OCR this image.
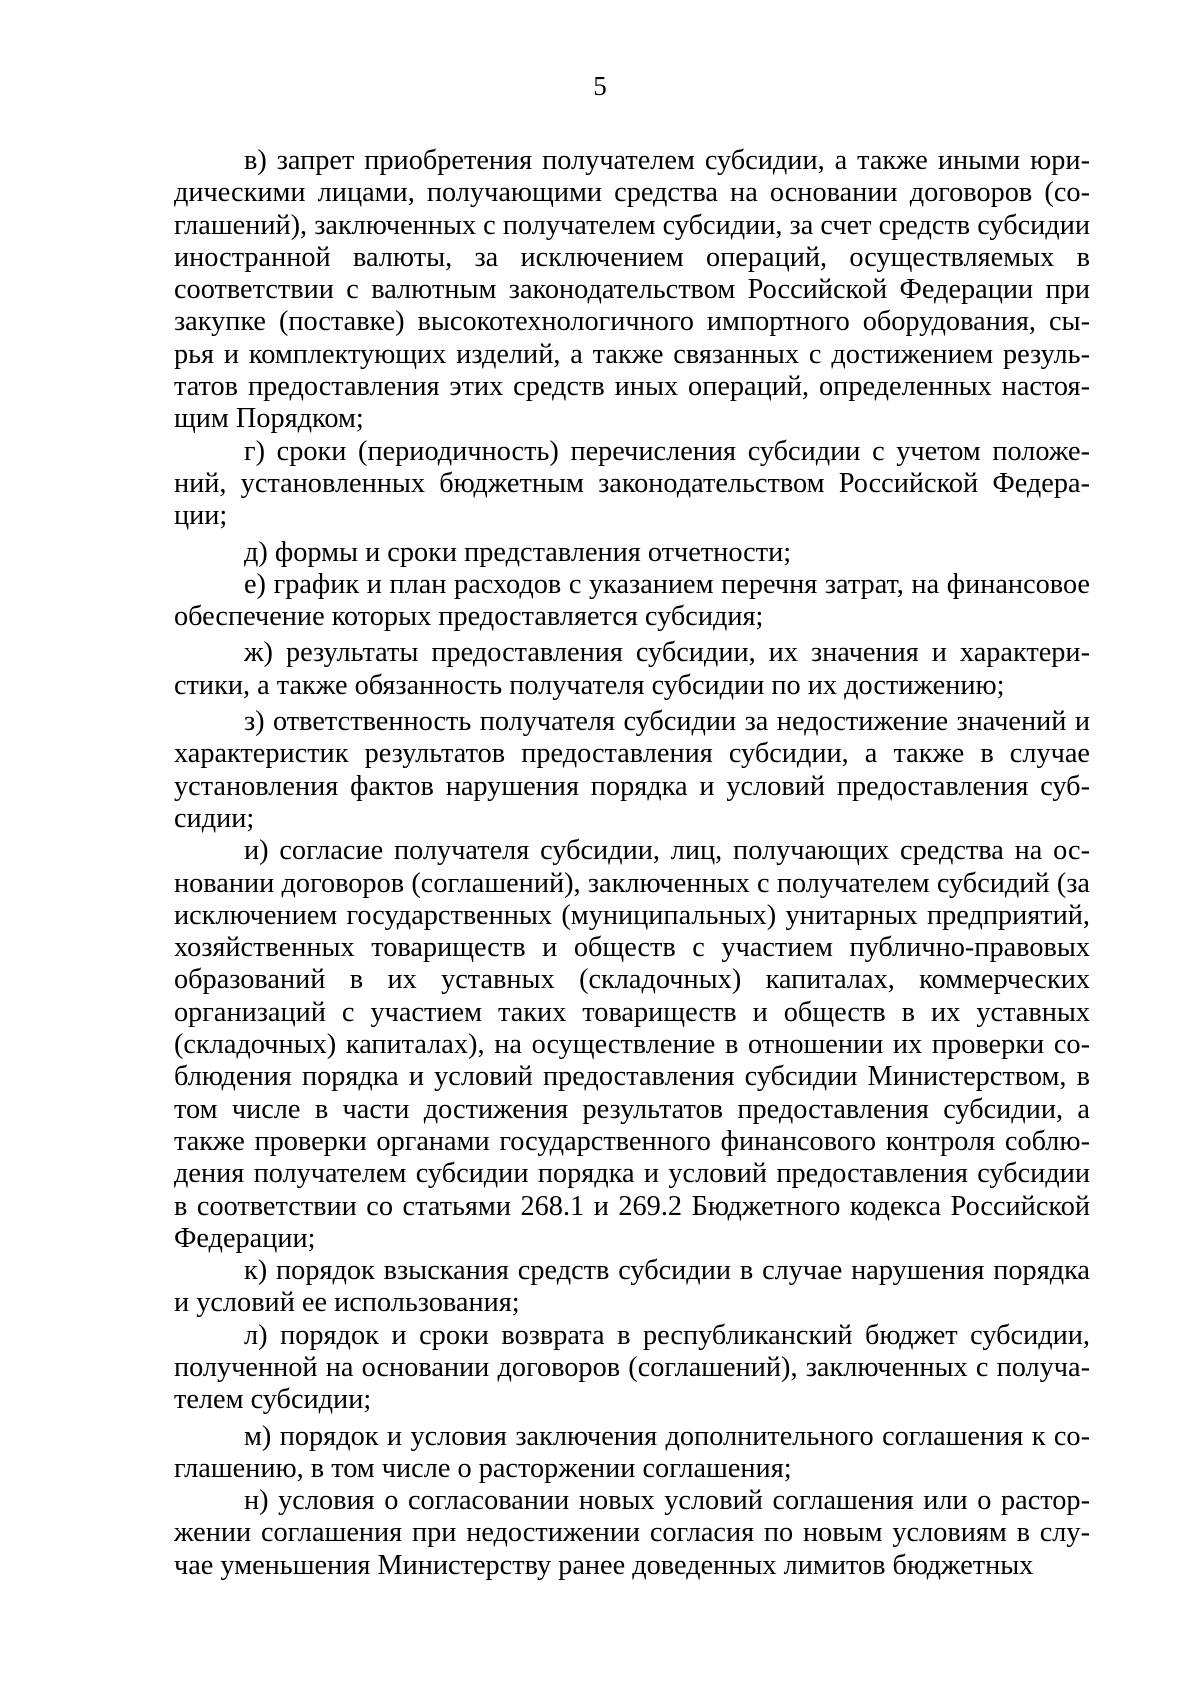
5

в) запрет приобретения получателем субсидии, а также иными юридическими лицами, получающими средства на основании договоров (соглашений), заключенных с получателем субсидии, за счет средств субсидии иностранной валюты, за исключением операций, осуществляемых в соответствии с валютным законодательством Российской Федерации при закупке (поставке) высокотехнологичного импортного оборудования, сырья и комплектующих изделий, а также связанных с достижением результатов предоставления этих средств иных операций, определенных настоящим Порядком;

г) сроки (периодичность) перечисления субсидии с учетом положений, установленных бюджетным законодательством Российской Федерации;

д) формы и сроки представления отчетности;

е) график и план расходов с указанием перечня затрат, на финансовое обеспечение которых предоставляется субсидия;

ж) результаты предоставления субсидии, их значения и характеристики, а также обязанность получателя субсидии по их достижению;

з) ответственность получателя субсидии за недостижение значений и характеристик результатов предоставления субсидии, а также в случае установления фактов нарушения порядка и условий предоставления субсидии;

и) согласие получателя субсидии, лиц, получающих средства на основании договоров (соглашений), заключенных с получателем субсидий (за исключением государственных (муниципальных) унитарных предприятий, хозяйственных товариществ и обществ с участием публично-правовых образований в их уставных (складочных) капиталах, коммерческих организаций с участием таких товариществ и обществ в их уставных (складочных) капиталах), на осуществление в отношении их проверки соблюдения порядка и условий предоставления субсидии Министерством, в том числе в части достижения результатов предоставления субсидии, а также проверки органами государственного финансового контроля соблюдения получателем субсидии порядка и условий предоставления субсидии в соответствии со статьями 268.1 и 269.2 Бюджетного кодекса Российской Федерации;

к) порядок взыскания средств субсидии в случае нарушения порядка и условий ее использования;

л) порядок и сроки возврата в республиканский бюджет субсидии, полученной на основании договоров (соглашений), заключенных с получателем субсидии;

м) порядок и условия заключения дополнительного соглашения к соглашению, в том числе о расторжении соглашения;

н) условия о согласовании новых условий соглашения или о расторжении соглашения при недостижении согласия по новым условиям в случае уменьшения Министерству ранее доведенных лимитов бюджетных
